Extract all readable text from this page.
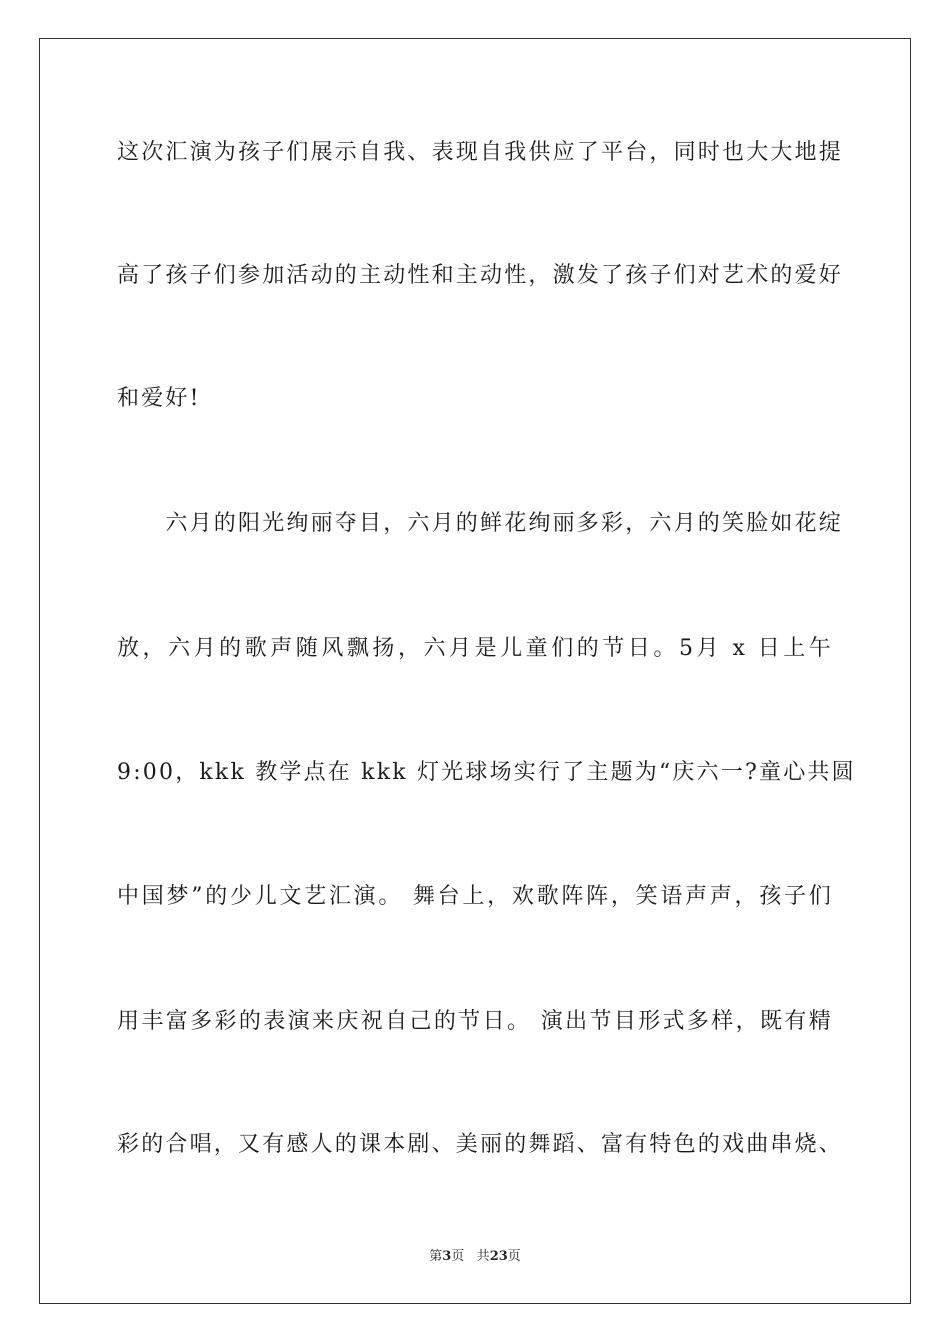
这次汇演为孩子们展示自我、表现自我供应了平台，同时也大大地提
高了孩子们参加活动的主动性和主动性，激发了孩子们对艺术的爱好
和爱好!
　　六月的阳光绚丽夺目，六月的鲜花绚丽多彩，六月的笑脸如花绽
放，六月的歌声随风飘扬，六月是儿童们的节日。5月 x 日上午
9:00，kkk 教学点在 kkk 灯光球场实行了主题为“庆六一?童心共圆
中国梦”的少儿文艺汇演。 舞台上，欢歌阵阵，笑语声声，孩子们
用丰富多彩的表演来庆祝自己的节日。 演出节目形式多样，既有精
彩的合唱，又有感人的课本剧、美丽的舞蹈、富有特色的戏曲串烧、
第3页 共23页
